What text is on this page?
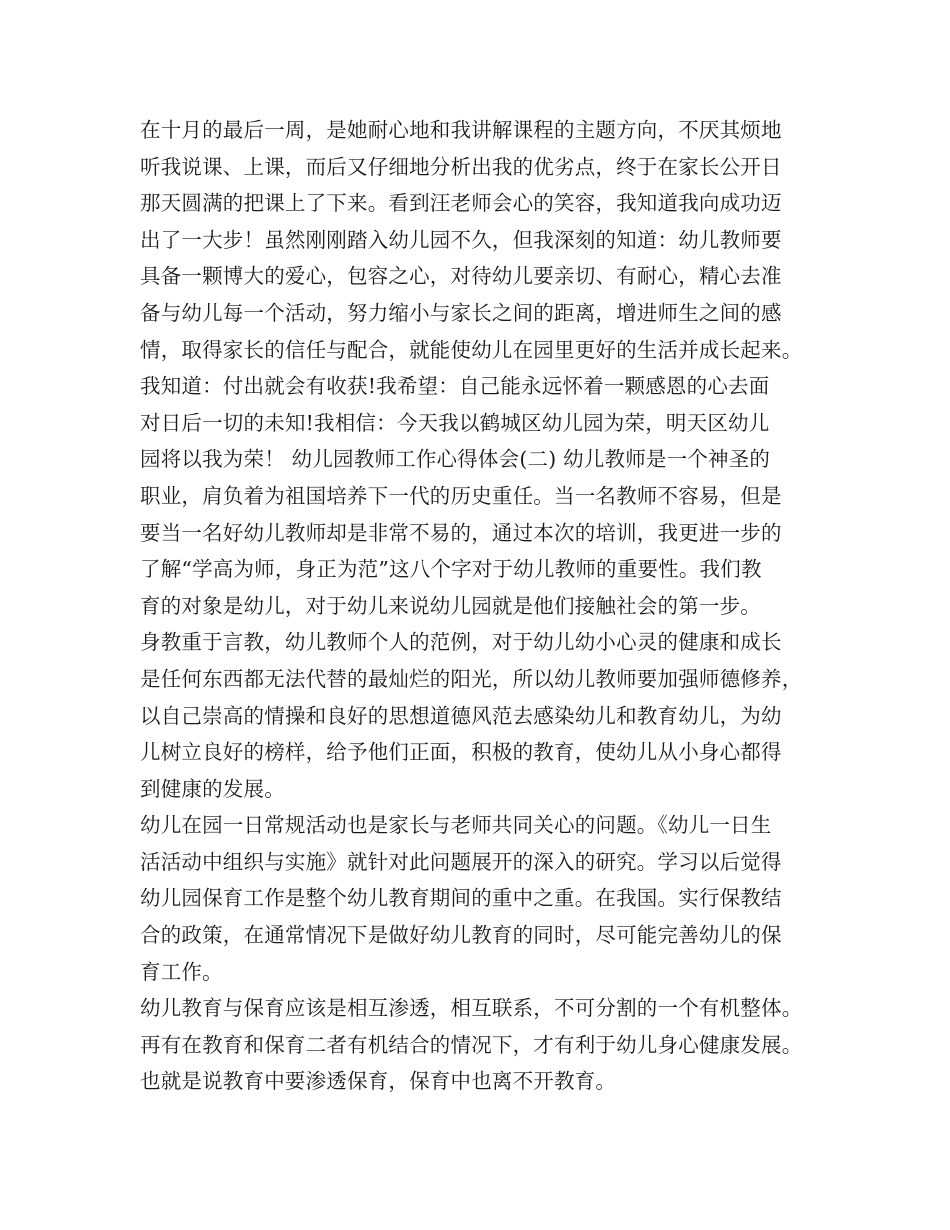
在十月的最后一周，是她耐心地和我讲解课程的主题方向，不厌其烦地
听我说课、上课，而后又仔细地分析出我的优劣点，终于在家长公开日
那天圆满的把课上了下来。看到汪老师会心的笑容，我知道我向成功迈
出了一大步！虽然刚刚踏入幼儿园不久，但我深刻的知道：幼儿教师要
具备一颗博大的爱心，包容之心，对待幼儿要亲切、有耐心，精心去准
备与幼儿每一个活动，努力缩小与家长之间的距离，增进师生之间的感
情，取得家长的信任与配合，就能使幼儿在园里更好的生活并成长起来。
我知道：付出就会有收获!我希望：自己能永远怀着一颗感恩的心去面
对日后一切的未知!我相信：今天我以鹤城区幼儿园为荣，明天区幼儿
园将以我为荣！ 幼儿园教师工作心得体会(二) 幼儿教师是一个神圣的
职业，肩负着为祖国培养下一代的历史重任。当一名教师不容易，但是
要当一名好幼儿教师却是非常不易的，通过本次的培训，我更进一步的
了解“学高为师，身正为范”这八个字对于幼儿教师的重要性。我们教
育的对象是幼儿，对于幼儿来说幼儿园就是他们接触社会的第一步。
身教重于言教，幼儿教师个人的范例，对于幼儿幼小心灵的健康和成长
是任何东西都无法代替的最灿烂的阳光，所以幼儿教师要加强师德修养，
以自己崇高的情操和良好的思想道德风范去感染幼儿和教育幼儿，为幼
儿树立良好的榜样，给予他们正面，积极的教育，使幼儿从小身心都得
到健康的发展。
幼儿在园一日常规活动也是家长与老师共同关心的问题。《幼儿一日生
活活动中组织与实施》就针对此问题展开的深入的研究。学习以后觉得
幼儿园保育工作是整个幼儿教育期间的重中之重。在我国。实行保教结
合的政策，在通常情况下是做好幼儿教育的同时，尽可能完善幼儿的保
育工作。
幼儿教育与保育应该是相互渗透，相互联系，不可分割的一个有机整体。
再有在教育和保育二者有机结合的情况下，才有利于幼儿身心健康发展。
也就是说教育中要渗透保育，保育中也离不开教育。
